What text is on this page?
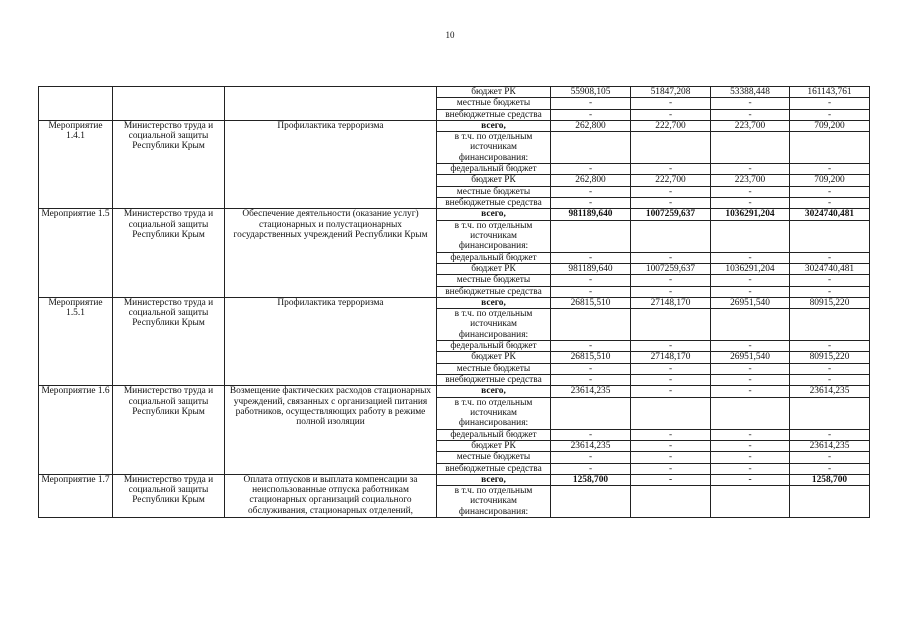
10
			бюджет РК	55908,105	51847,208	53388,448	161143,761
			местные бюджеты	-	-	-	-
			внебюджетные средства	-	-	-	-
Мероприятие 1.4.1	Министерство труда и социальной защиты Республики Крым	Профилактика терроризма	всего,	262,800	222,700	223,700	709,200
			в т.ч. по отдельным источникам финансирования:				
			федеральный бюджет	-	-	-	-
			бюджет РК	262,800	222,700	223,700	709,200
			местные бюджеты	-	-	-	-
			внебюджетные средства	-	-	-	-
Мероприятие 1.5	Министерство труда и социальной защиты Республики Крым	Обеспечение деятельности (оказание услуг) стационарных и полустационарных государственных учреждений Республики Крым	всего,	981189,640	1007259,637	1036291,204	3024740,481
			в т.ч. по отдельным источникам финансирования:				
			федеральный бюджет	-	-	-	-
			бюджет РК	981189,640	1007259,637	1036291,204	3024740,481
			местные бюджеты	-	-	-	-
			внебюджетные средства	-	-	-	-
Мероприятие 1.5.1	Министерство труда и социальной защиты Республики Крым	Профилактика терроризма	всего,	26815,510	27148,170	26951,540	80915,220
			в т.ч. по отдельным источникам финансирования:				
			федеральный бюджет	-	-	-	-
			бюджет РК	26815,510	27148,170	26951,540	80915,220
			местные бюджеты	-	-	-	-
			внебюджетные средства	-	-	-	-
Мероприятие 1.6	Министерство труда и социальной защиты Республики Крым	Возмещение фактических расходов стационарных учреждений, связанных с организацией питания работников, осуществляющих работу в режиме полной изоляции	всего,	23614,235	-	-	23614,235
			в т.ч. по отдельным источникам финансирования:				
			федеральный бюджет	-	-	-	-
			бюджет РК	23614,235	-	-	23614,235
			местные бюджеты	-	-	-	-
			внебюджетные средства	-	-	-	-
Мероприятие 1.7	Министерство труда и социальной защиты Республики Крым	Оплата отпусков и выплата компенсации за неиспользованные отпуска работникам стационарных организаций социального обслуживания, стационарных отделений,	всего,	1258,700	-	-	1258,700
			в т.ч. по отдельным источникам финансирования:				
